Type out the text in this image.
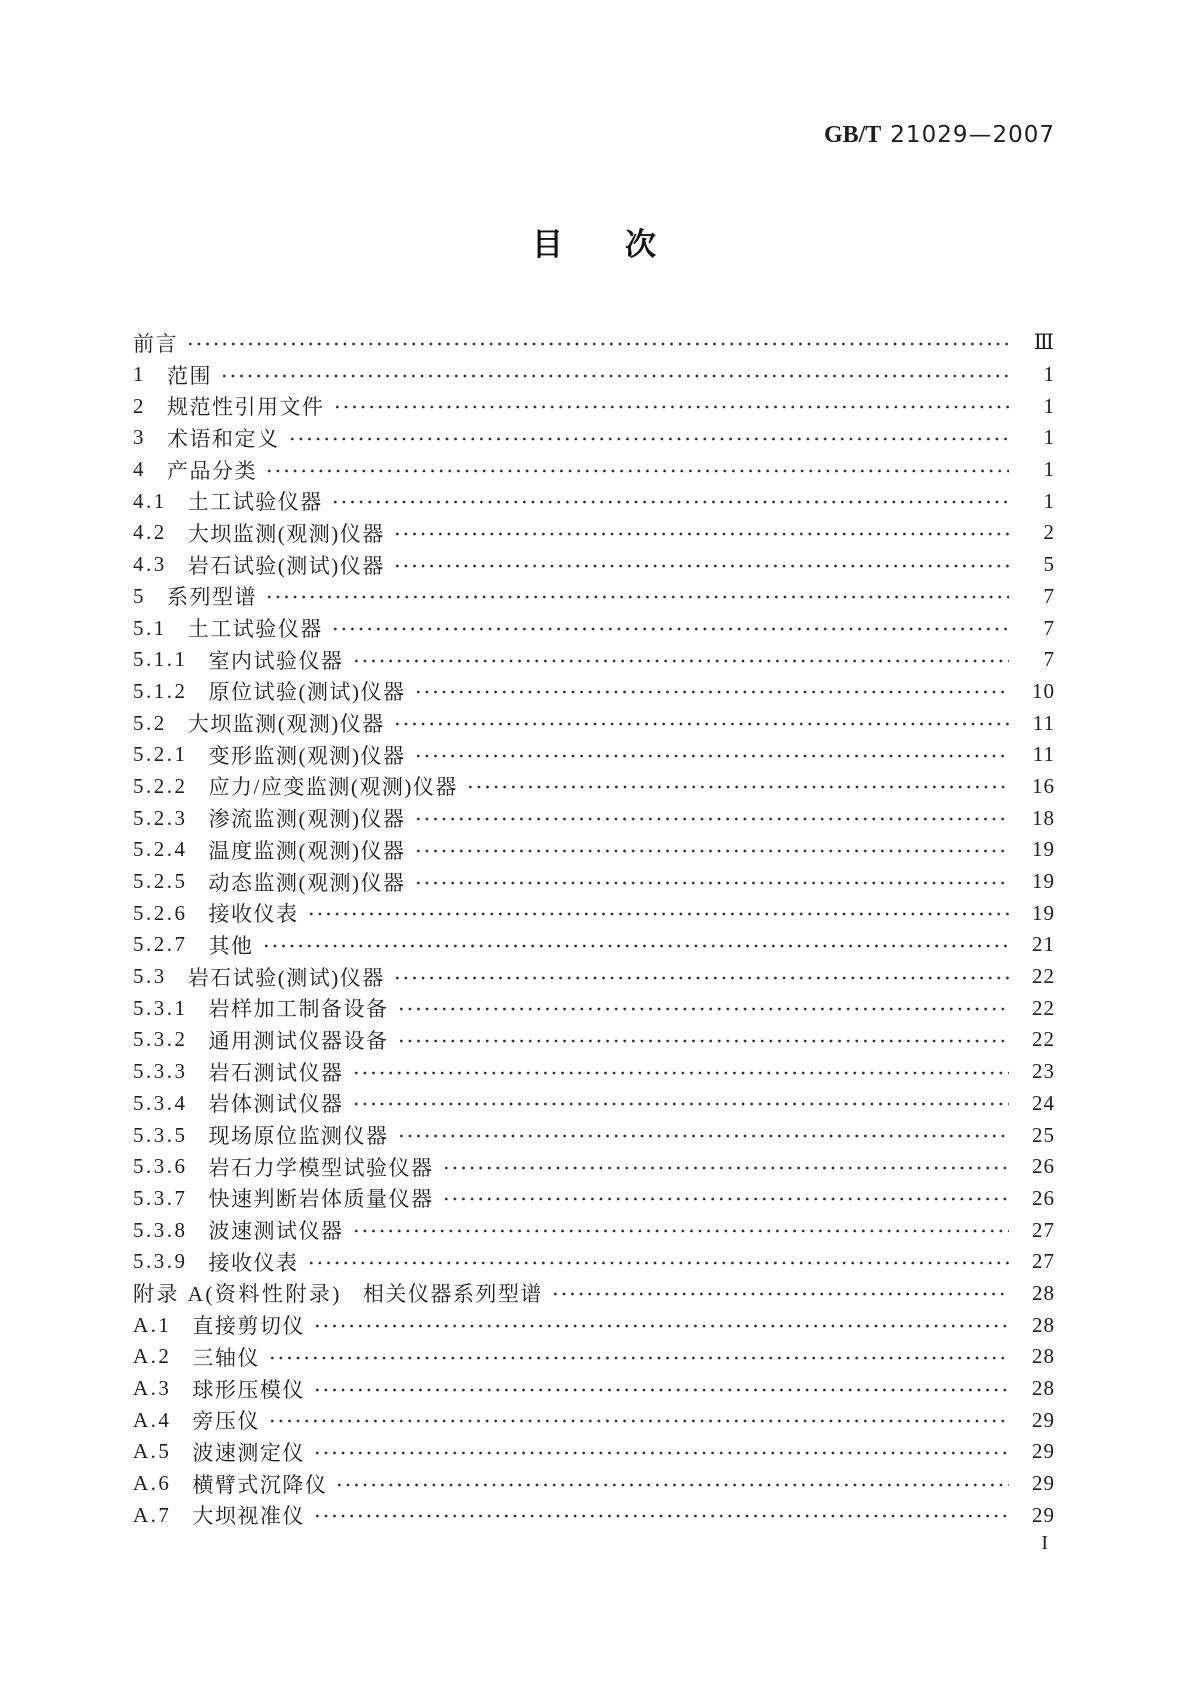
GB/T 21029—2007
目次
前言	Ⅲ
1 范围	1
2 规范性引用文件	1
3 术语和定义	1
4 产品分类	1
4.1 土工试验仪器	1
4.2 大坝监测(观测)仪器	2
4.3 岩石试验(测试)仪器	5
5 系列型谱	7
5.1 土工试验仪器	7
5.1.1 室内试验仪器	7
5.1.2 原位试验(测试)仪器	10
5.2 大坝监测(观测)仪器	11
5.2.1 变形监测(观测)仪器	11
5.2.2 应力/应变监测(观测)仪器	16
5.2.3 渗流监测(观测)仪器	18
5.2.4 温度监测(观测)仪器	19
5.2.5 动态监测(观测)仪器	19
5.2.6 接收仪表	19
5.2.7 其他	21
5.3 岩石试验(测试)仪器	22
5.3.1 岩样加工制备设备	22
5.3.2 通用测试仪器设备	22
5.3.3 岩石测试仪器	23
5.3.4 岩体测试仪器	24
5.3.5 现场原位监测仪器	25
5.3.6 岩石力学模型试验仪器	26
5.3.7 快速判断岩体质量仪器	26
5.3.8 波速测试仪器	27
5.3.9 接收仪表	27
附录 A(资料性附录) 相关仪器系列型谱	28
A.1 直接剪切仪	28
A.2 三轴仪	28
A.3 球形压模仪	28
A.4 旁压仪	29
A.5 波速测定仪	29
A.6 横臂式沉降仪	29
A.7 大坝视准仪	29
I
